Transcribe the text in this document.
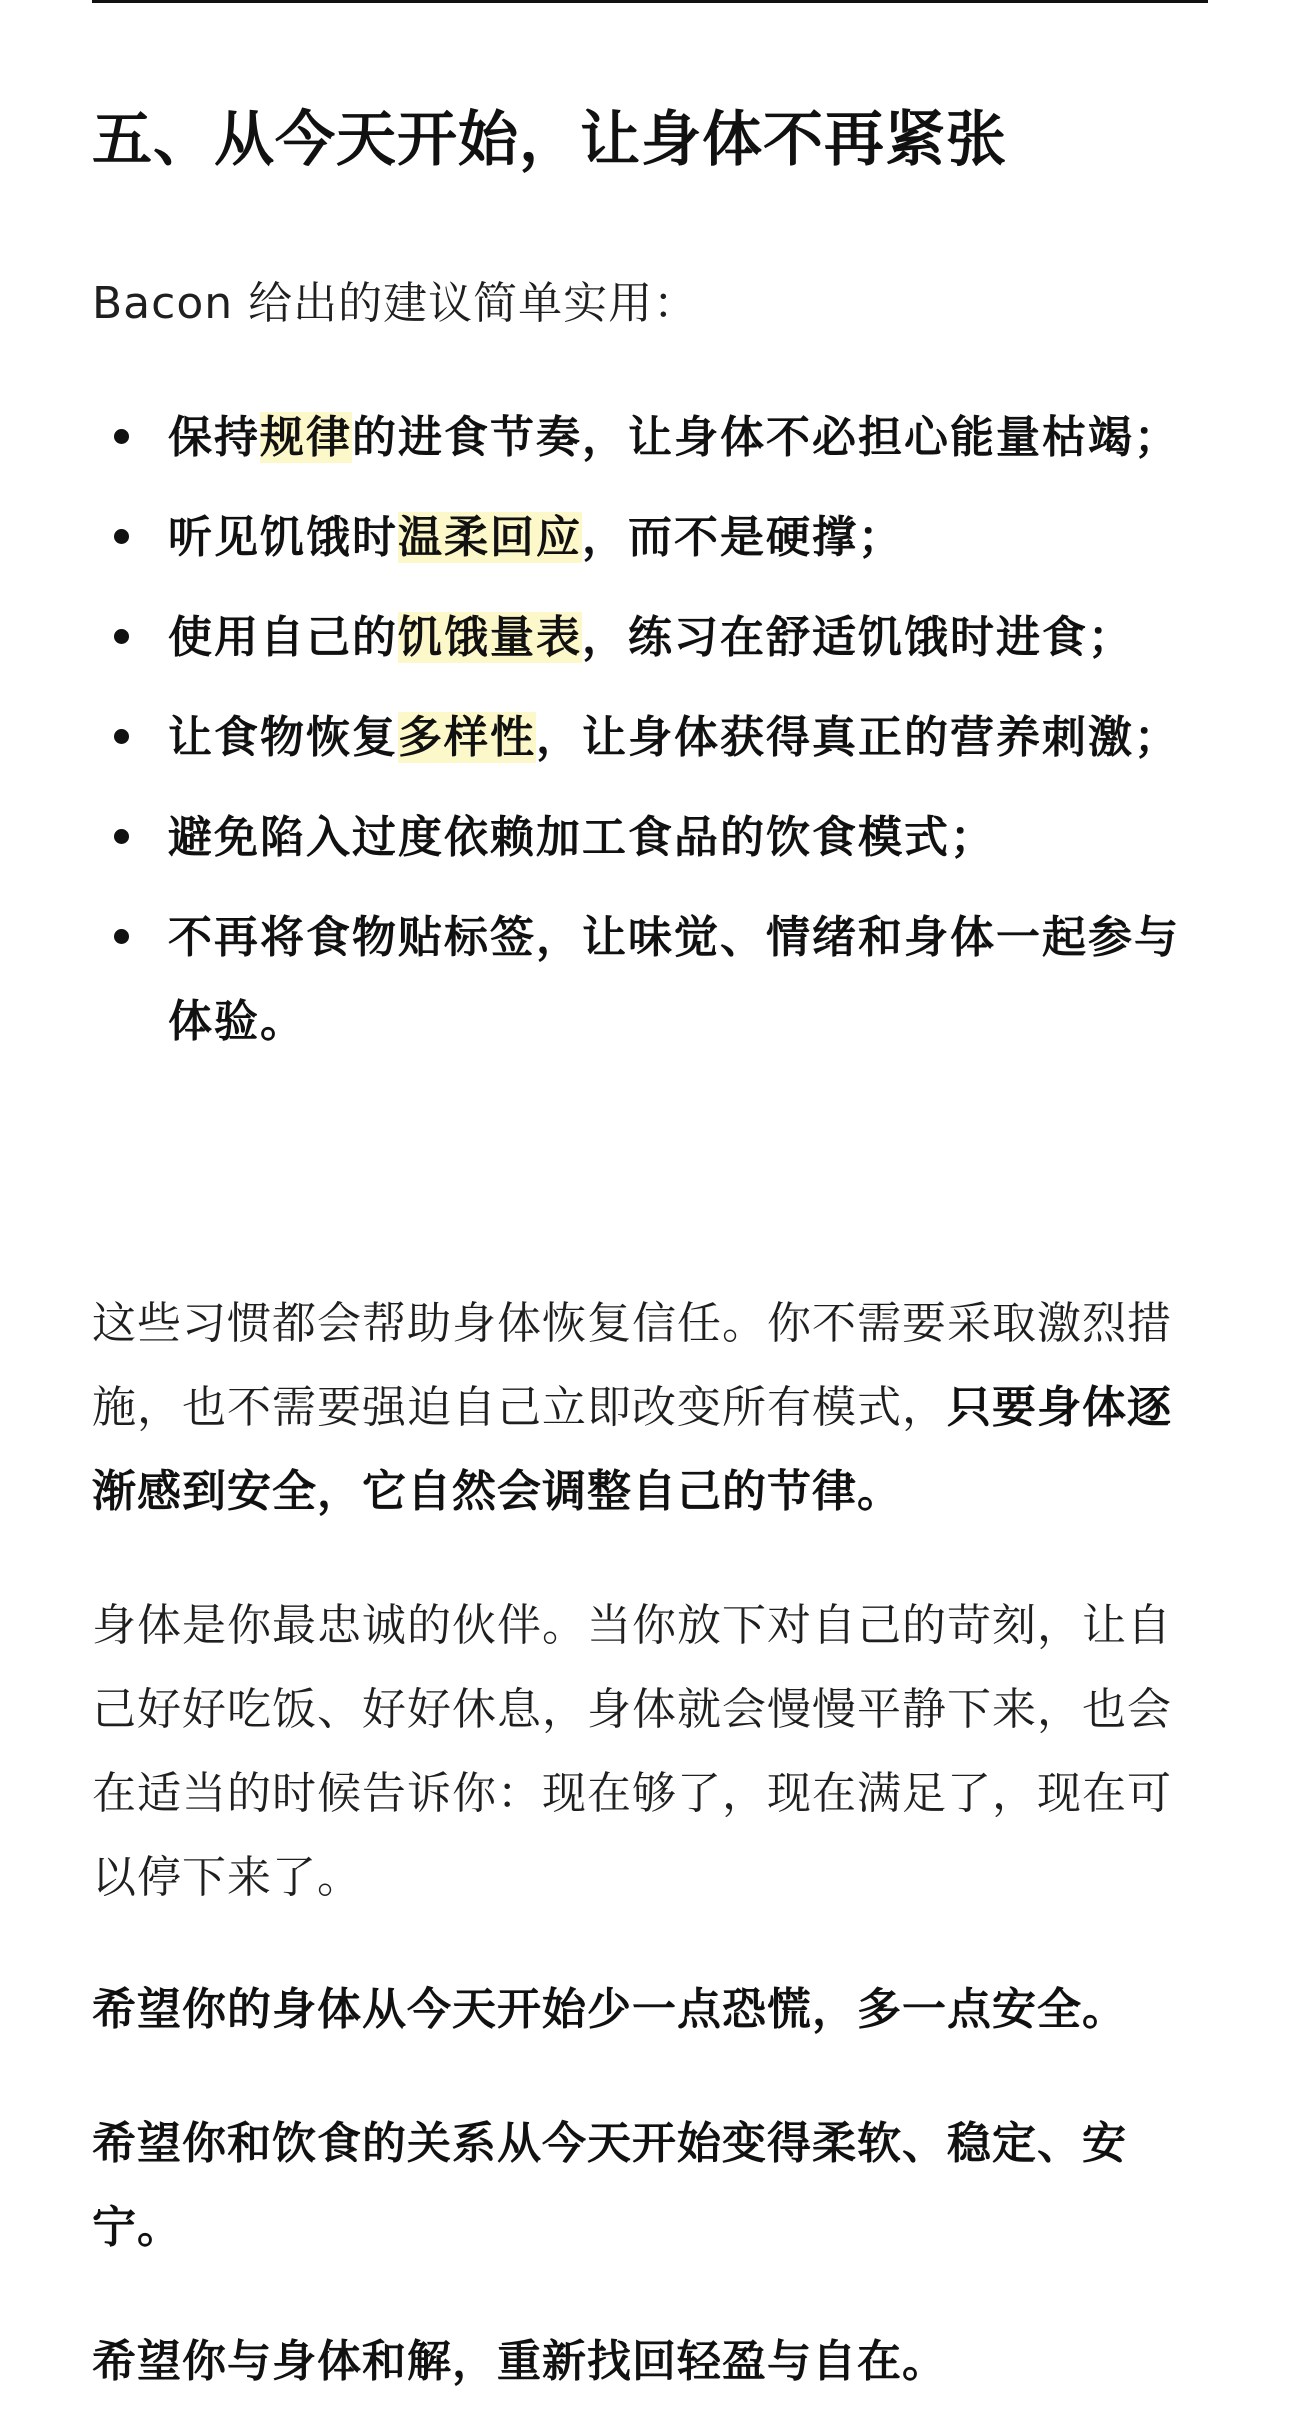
五、从今天开始，让身体不再紧张

Bacon 给出的建议简单实用：

保持规律的进食节奏，让身体不必担心能量枯竭；
听见饥饿时温柔回应，而不是硬撑；
使用自己的饥饿量表，练习在舒适饥饿时进食；
让食物恢复多样性，让身体获得真正的营养刺激；
避免陷入过度依赖加工食品的饮食模式；
不再将食物贴标签，让味觉、情绪和身体一起参与体验。

这些习惯都会帮助身体恢复信任。你不需要采取激烈措施，也不需要强迫自己立即改变所有模式，只要身体逐渐感到安全，它自然会调整自己的节律。

身体是你最忠诚的伙伴。当你放下对自己的苛刻，让自己好好吃饭、好好休息，身体就会慢慢平静下来，也会在适当的时候告诉你：现在够了，现在满足了，现在可以停下来了。

希望你的身体从今天开始少一点恐慌，多一点安全。

希望你和饮食的关系从今天开始变得柔软、稳定、安宁。

希望你与身体和解，重新找回轻盈与自在。
